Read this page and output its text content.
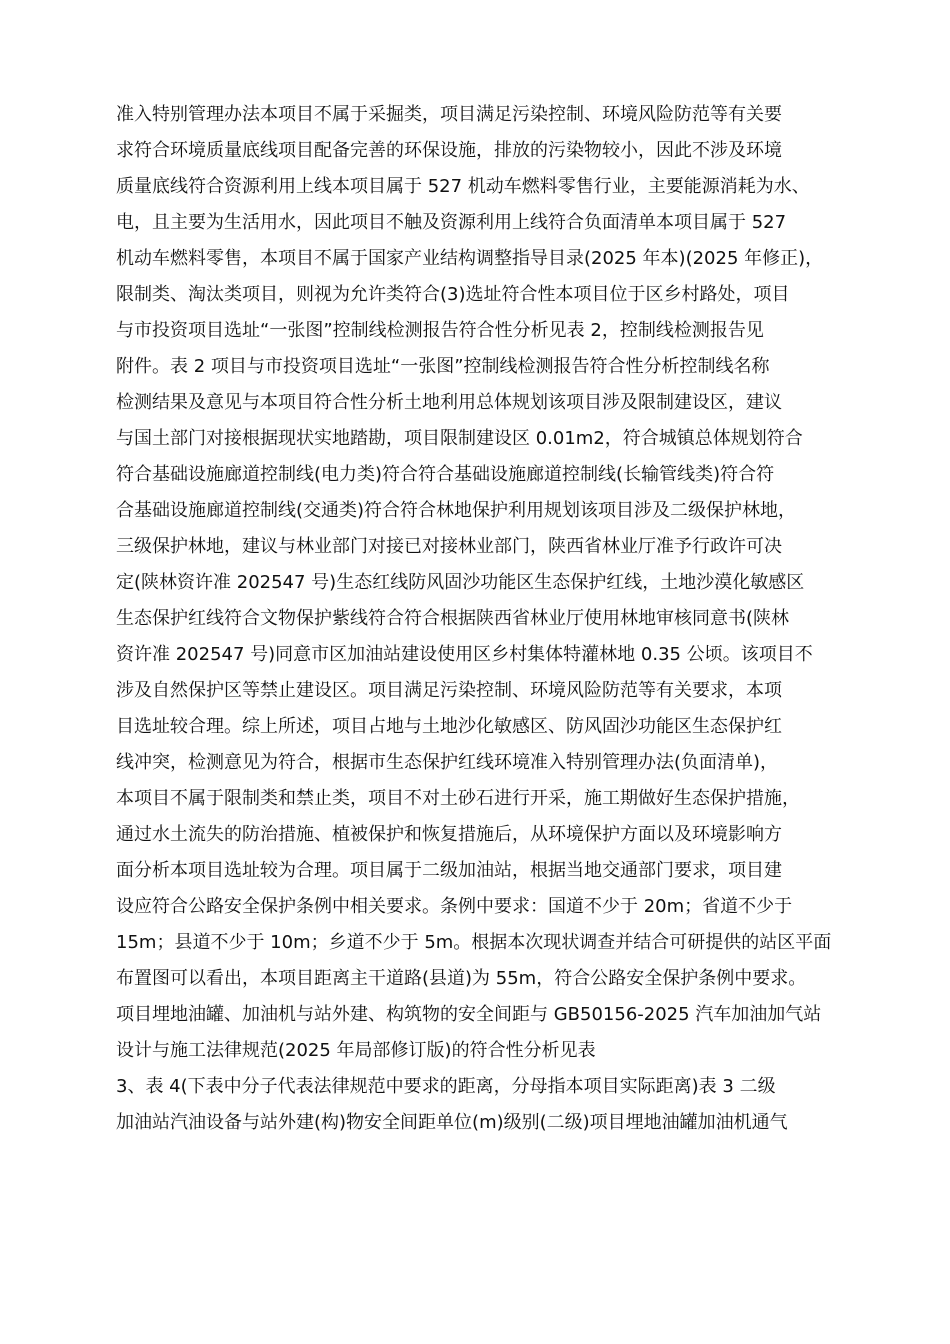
准入特别管理办法本项目不属于采掘类，项目满足污染控制、环境风险防范等有关要
求符合环境质量底线项目配备完善的环保设施，排放的污染物较小，因此不涉及环境
质量底线符合资源利用上线本项目属于 527 机动车燃料零售行业，主要能源消耗为水、
电，且主要为生活用水，因此项目不触及资源利用上线符合负面清单本项目属于 527
机动车燃料零售，本项目不属于国家产业结构调整指导目录(2025 年本)(2025 年修正)，
限制类、淘汰类项目，则视为允许类符合(3)选址符合性本项目位于区乡村路处，项目
与市投资项目选址“一张图”控制线检测报告符合性分析见表 2，控制线检测报告见
附件。表 2 项目与市投资项目选址“一张图”控制线检测报告符合性分析控制线名称
检测结果及意见与本项目符合性分析土地利用总体规划该项目涉及限制建设区，建议
与国土部门对接根据现状实地踏勘，项目限制建设区 0.01m2，符合城镇总体规划符合
符合基础设施廊道控制线(电力类)符合符合基础设施廊道控制线(长输管线类)符合符
合基础设施廊道控制线(交通类)符合符合林地保护利用规划该项目涉及二级保护林地，
三级保护林地，建议与林业部门对接已对接林业部门，陕西省林业厅准予行政许可决
定(陕林资许准 202547 号)生态红线防风固沙功能区生态保护红线，土地沙漠化敏感区
生态保护红线符合文物保护紫线符合符合根据陕西省林业厅使用林地审核同意书(陕林
资许准 202547 号)同意市区加油站建设使用区乡村集体特灌林地 0.35 公顷。该项目不
涉及自然保护区等禁止建设区。项目满足污染控制、环境风险防范等有关要求，本项
目选址较合理。综上所述，项目占地与土地沙化敏感区、防风固沙功能区生态保护红
线冲突，检测意见为符合，根据市生态保护红线环境准入特别管理办法(负面清单)，
本项目不属于限制类和禁止类，项目不对土砂石进行开采，施工期做好生态保护措施，
通过水土流失的防治措施、植被保护和恢复措施后，从环境保护方面以及环境影响方
面分析本项目选址较为合理。项目属于二级加油站，根据当地交通部门要求，项目建
设应符合公路安全保护条例中相关要求。条例中要求：国道不少于 20m；省道不少于
15m；县道不少于 10m；乡道不少于 5m。根据本次现状调查并结合可研提供的站区平面
布置图可以看出，本项目距离主干道路(县道)为 55m，符合公路安全保护条例中要求。
项目埋地油罐、加油机与站外建、构筑物的安全间距与 GB50156-2025 汽车加油加气站
设计与施工法律规范(2025 年局部修订版)的符合性分析见表
3、表 4(下表中分子代表法律规范中要求的距离，分母指本项目实际距离)表 3 二级
加油站汽油设备与站外建(构)物安全间距单位(m)级别(二级)项目埋地油罐加油机通气
